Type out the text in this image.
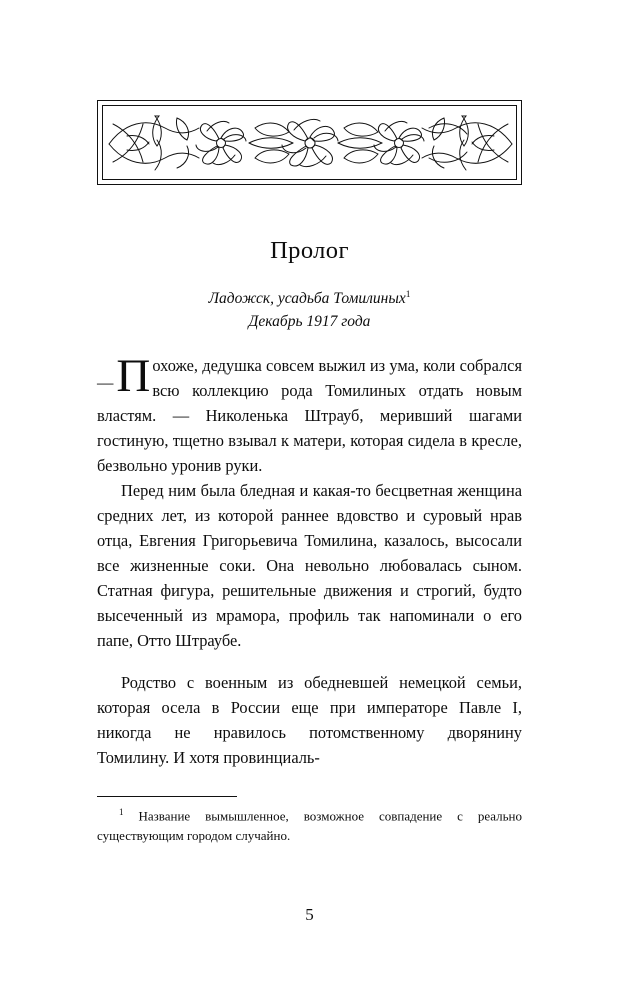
Пролог
Ладожск, усадьба Томилиных$^1$
Декабрь 1917 года

— П охоже, дедушка совсем выжил из ума, коли собрался всю коллекцию рода Томилиных отдать новым властям. — Николенька Штрауб, меривший шагами гостиную, тщетно взывал к матери, которая сидела в кресле, безвольно уронив руки.

Перед ним была бледная и какая-то бесцветная женщина средних лет, из которой раннее вдовство и суровый нрав отца, Евгения Григорьевича Томилина, казалось, высосали все жизненные соки. Она невольно любовалась сыном. Статная фигура, решительные движения и строгий, будто высеченный из мрамора, профиль так напоминали о его папе, Отто Штраубе.

Родство с военным из обедневшей немецкой семьи, которая осела в России еще при императоре Павле I, никогда не нравилось потомственному дворянину Томилину. И хотя провинциаль-

$^1$ Название вымышленное, возможное совпадение с реально существующим городом случайно.
5
